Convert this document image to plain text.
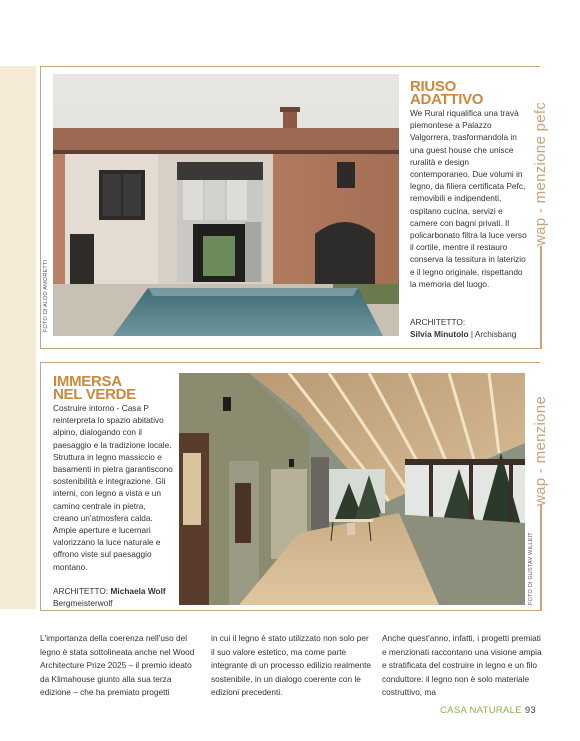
wap - menzione pefc
FOTO DI ALDO AMORETTI
RIUSO
ADATTIVO
We Rural riqualifica una travà piemontese a Palazzo Valgorrera, trasformandola in una guest house che unisce ruralità e design contemporaneo. Due volumi in legno, da filiera certificata Pefc, removibili e indipendenti, ospitano cucina, servizi e camere con bagni privati. Il policarbonato filtra la luce verso il cortile, mentre il restauro conserva la tessitura in laterizio e il legno originale, rispettando la memoria del luogo.
ARCHITETTO:
Silvia Minutolo | Archisbang
wap - menzione
IMMERSA
NEL VERDE
Costruire intorno - Casa P reinterpreta lo spazio abitativo alpino, dialogando con il paesaggio e la tradizione locale. Struttura in legno massiccio e basamenti in pietra garantiscono sostenibilità e integrazione. Gli interni, con legno a vista e un camino centrale in pietra, creano un'atmosfera calda. Ampie aperture e lucernari valorizzano la luce naturale e offrono viste sul paesaggio montano.
ARCHITETTO: Michaela Wolf
Bergmeisterwolf	FOTO DI GUSTAV WILLEIT
L'importanza della coerenza nell'uso del legno è stata sottolineata anche nel Wood Architecture Prize 2025 – il premio ideato da Klimahouse giunto alla sua terza edizione – che ha premiato progetti
in cui il legno è stato utilizzato non solo per il suo valore estetico, ma come parte integrante di un processo edilizio realmente sostenibile, in un dialogo coerente con le edizioni precedenti.
Anche quest'anno, infatti, i progetti premiati e menzionati raccontano una visione ampia e stratificata del costruire in legno e un filo conduttore: il legno non è solo materiale costruttivo, ma
CASA NATURALE 93
